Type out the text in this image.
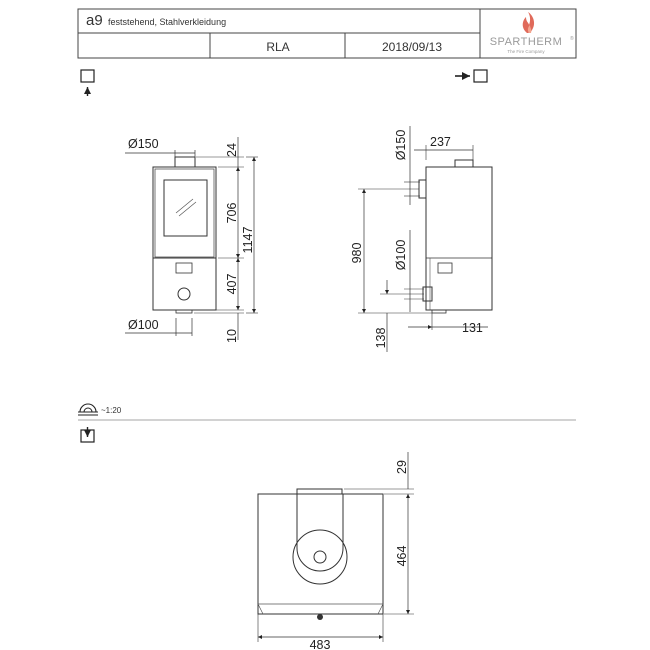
a9 feststehend, Stahlverkleidung
RLA	2018/09/13	SPARTHERM ®
The Fire Company
Ø150
Ø100
24
706
407
1147
10
237
Ø150
Ø100
980
138	131
~1:20
29
464
483
